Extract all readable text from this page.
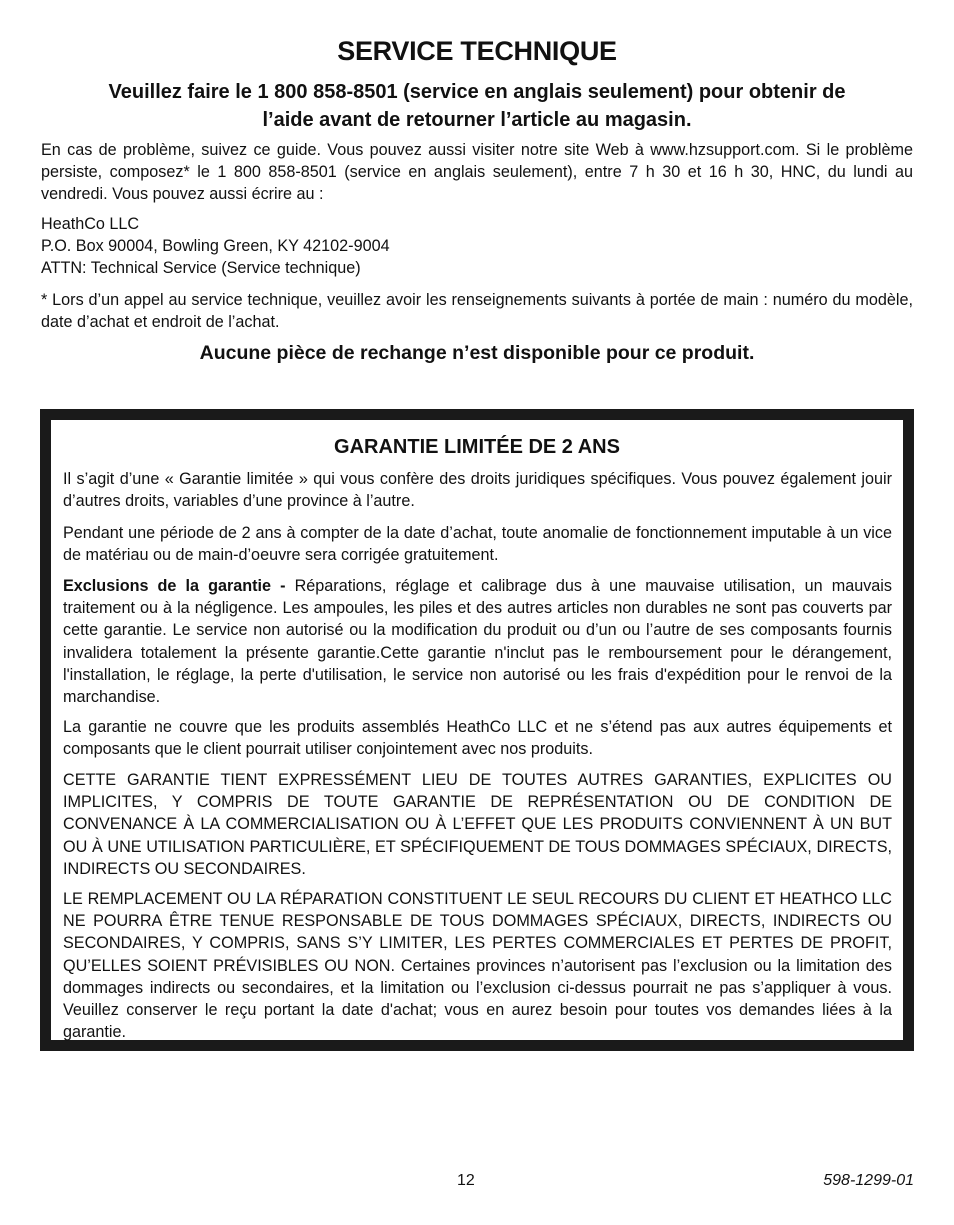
SERVICE TECHNIQUE
Veuillez faire le 1 800 858-8501 (service en anglais seulement) pour obtenir de
l’aide avant de retourner l’article au magasin.
En cas de problème, suivez ce guide. Vous pouvez aussi visiter notre site Web à www.hzsupport.com. Si le problème persiste, composez* le 1 800 858-8501 (service en anglais seulement), entre 7 h 30 et 16 h 30, HNC, du lundi au vendredi. Vous pouvez aussi écrire au :
HeathCo LLC
P.O. Box 90004, Bowling Green, KY 42102-9004
ATTN: Technical Service (Service technique)
* Lors d’un appel au service technique, veuillez avoir les renseignements suivants à portée de main : numéro du modèle, date d’achat et endroit de l’achat.
Aucune pièce de rechange n’est disponible pour ce produit.
GARANTIE LIMITÉE DE 2 ANS
Il s’agit d’une « Garantie limitée » qui vous confère des droits juridiques spécifiques. Vous pouvez également jouir d’autres droits, variables d’une province à l’autre.
Pendant une période de 2 ans à compter de la date d’achat, toute anomalie de fonctionnement imputable à un vice de matériau ou de main-d’oeuvre sera corrigée gratuitement.
Exclusions de la garantie - Réparations, réglage et calibrage dus à une mauvaise utilisation, un mauvais traitement ou à la négligence. Les ampoules, les piles et des autres articles non durables ne sont pas couverts par cette garantie. Le service non autorisé ou la modification du produit ou d’un ou l’autre de ses composants fournis invalidera totalement la présente garantie.Cette garantie n'inclut pas le remboursement pour le dérangement, l'installation, le réglage, la perte d'utilisation, le service non autorisé ou les frais d'expédition pour le renvoi de la marchandise.
La garantie ne couvre que les produits assemblés HeathCo LLC et ne s’étend pas aux autres équipements et composants que le client pourrait utiliser conjointement avec nos produits.
CETTE GARANTIE TIENT EXPRESSÉMENT LIEU DE TOUTES AUTRES GARANTIES, EXPLICITES OU IMPLICITES, Y COMPRIS DE TOUTE GARANTIE DE REPRÉSENTATION OU DE CONDITION DE CONVENANCE À LA COMMERCIALISATION OU À L’EFFET QUE LES PRODUITS CONVIENNENT À UN BUT OU À UNE UTILISATION PARTICULIÈRE, ET SPÉCIFIQUEMENT DE TOUS DOMMAGES SPÉCIAUX, DIRECTS, INDIRECTS OU SECONDAIRES.
LE REMPLACEMENT OU LA RÉPARATION CONSTITUENT LE SEUL RECOURS DU CLIENT ET HEATHCO LLC NE POURRA ÊTRE TENUE RESPONSABLE DE TOUS DOMMAGES SPÉCIAUX, DIRECTS, INDIRECTS OU SECONDAIRES, Y COMPRIS, SANS S’Y LIMITER, LES PERTES COMMERCIALES ET PERTES DE PROFIT, QU’ELLES SOIENT PRÉVISIBLES OU NON. Certaines provinces n’autorisent pas l’exclusion ou la limitation des dommages indirects ou secondaires, et la limitation ou l’exclusion ci-dessus pourrait ne pas s’appliquer à vous. Veuillez conserver le reçu portant la date d'achat; vous en aurez besoin pour toutes vos demandes liées à la garantie.
12	598-1299-01
